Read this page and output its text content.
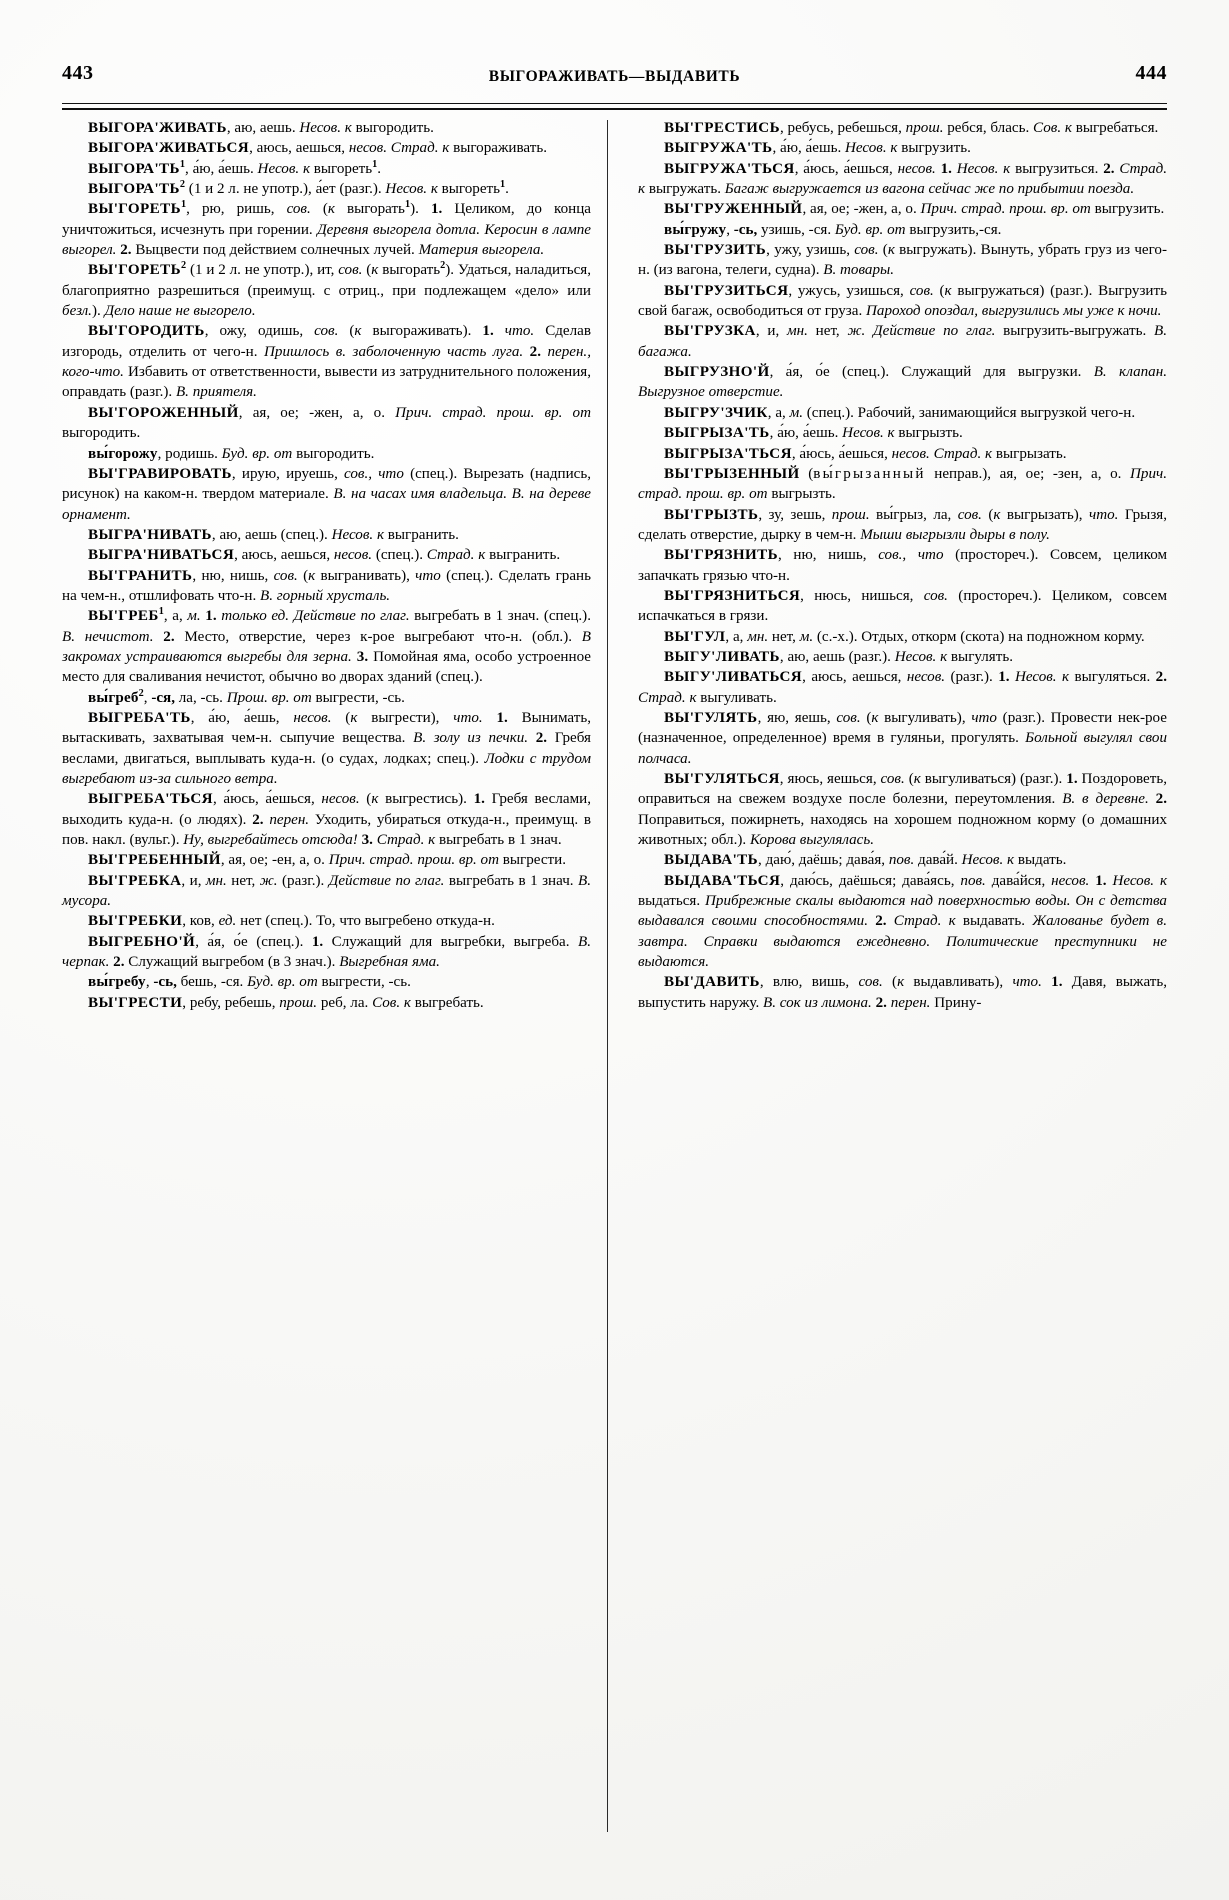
443	ВЫГОРАЖИВАТЬ—ВЫДАВИТЬ	444

ВЫГОРА'ЖИВАТЬ, аю, аешь. Несов. к выгородить.

ВЫГОРА'ЖИВАТЬСЯ, аюсь, аешься, несов. Страд. к выгораживать.

$ВЫГОРА'ТЬ^1$, а́ю, а́ешь. Несов. к выгореть$^1$.

$ВЫГОРА'ТЬ^2$ (1 и 2 л. не употр.), а́ет (разг.). Несов. к выгореть$^1$.

ВЫ'ГОРЕТЬ$^1$, рю, ришь, сов. (к выгорать$^1$). 1. Целиком, до конца уничтожиться, исчезнуть при горении. Деревня выгорела дотла. Керосин в лампе выгорел. 2. Выцвести под действием солнечных лучей. Материя выгорела.

ВЫ'ГОРЕТЬ$^2$ (1 и 2 л. не употр.), ит, сов. (к выгорать$^2$). Удаться, наладиться, благоприятно разрешиться (преимущ. с отриц., при подлежащем «дело» или безл.). Дело наше не выгорело.

ВЫ'ГОРОДИТЬ, ожу, одишь, сов. (к выгораживать). 1. что. Сделав изгородь, отделить от чего-н. Пришлось в. заболоченную часть луга. 2. перен., кого-что. Избавить от ответственности, вывести из затруднительного положения, оправдать (разг.). В. приятеля.

ВЫ'ГОРОЖЕННЫЙ, ая, ое; -жен, а, о. Прич. страд. прош. вр. от выгородить.

вы́горожу, родишь. Буд. вр. от выгородить.

ВЫ'ГРАВИРОВАТЬ, ирую, ируешь, сов., что (спец.). Вырезать (надпись, рисунок) на каком-н. твердом материале. В. на часах имя владельца. В. на дереве орнамент.

ВЫГРА'НИВАТЬ, аю, аешь (спец.). Несов. к выгранить.

ВЫГРА'НИВАТЬСЯ, аюсь, аешься, несов. (спец.). Страд. к выгранить.

ВЫ'ГРАНИТЬ, ню, нишь, сов. (к выгранивать), что (спец.). Сделать грань на чем-н., отшлифовать что-н. В. горный хрусталь.

ВЫ'ГРЕБ$^1$, а, м. 1. только ед. Действие по глаг. выгребать в 1 знач. (спец.). В. нечистот. 2. Место, отверстие, через к-рое выгребают что-н. (обл.). В закромах устраиваются выгребы для зерна. 3. Помойная яма, особо устроенное место для сваливания нечистот, обычно во дворах зданий (спец.).

вы́греб$^2$, -ся, ла, -сь. Прош. вр. от выгрести, -сь.

ВЫГРЕБА'ТЬ, а́ю, а́ешь, несов. (к выгрести), что. 1. Вынимать, вытаскивать, захватывая чем-н. сыпучие вещества. В. золу из печки. 2. Гребя веслами, двигаться, выплывать куда-н. (о судах, лодках; спец.). Лодки с трудом выгребают из-за сильного ветра.

ВЫГРЕБА'ТЬСЯ, а́юсь, а́ешься, несов. (к выгрестись). 1. Гребя веслами, выходить куда-н. (о людях). 2. перен. Уходить, убираться откуда-н., преимущ. в пов. накл. (вульг.). Ну, выгребайтесь отсюда! 3. Страд. к выгребать в 1 знач.

ВЫ'ГРЕБЕННЫЙ, ая, ое; -ен, а, о. Прич. страд. прош. вр. от выгрести.

ВЫ'ГРЕБКА, и, мн. нет, ж. (разг.). Действие по глаг. выгребать в 1 знач. В. мусора.

ВЫ'ГРЕБКИ, ков, ед. нет (спец.). То, что выгребено откуда-н.

ВЫГРЕБНО'Й, а́я, о́е (спец.). 1. Служащий для выгребки, выгреба. В. черпак. 2. Служащий выгребом (в 3 знач.). Выгребная яма.

вы́гребу, -сь, бешь, -ся. Буд. вр. от выгрести, -сь.

ВЫ'ГРЕСТИ, ребу, ребешь, прош. реб, ла. Сов. к выгребать.

ВЫ'ГРЕСТИСЬ, ребусь, ребешься, прош. ребся, блась. Сов. к выгребаться.

ВЫГРУЖА'ТЬ, а́ю, а́ешь. Несов. к выгрузить.

ВЫГРУЖА'ТЬСЯ, а́юсь, а́ешься, несов. 1. Несов. к выгрузиться. 2. Страд. к выгружать. Багаж выгружается из вагона сейчас же по прибытии поезда.

ВЫ'ГРУЖЕННЫЙ, ая, ое; -жен, а, о. Прич. страд. прош. вр. от выгрузить.

вы́гружу, -сь, узишь, -ся. Буд. вр. от выгрузить,-ся.

ВЫ'ГРУЗИТЬ, ужу, узишь, сов. (к выгружать). Вынуть, убрать груз из чего-н. (из вагона, телеги, судна). В. товары.

ВЫ'ГРУЗИТЬСЯ, ужусь, узишься, сов. (к выгружаться) (разг.). Выгрузить свой багаж, освободиться от груза. Пароход опоздал, выгрузились мы уже к ночи.

ВЫ'ГРУЗКА, и, мн. нет, ж. Действие по глаг. выгрузить-выгружать. В. багажа.

ВЫГРУЗНО'Й, а́я, о́е (спец.). Служащий для выгрузки. В. клапан. Выгрузное отверстие.

ВЫГРУ'ЗЧИК, а, м. (спец.). Рабочий, занимающийся выгрузкой чего-н.

ВЫГРЫЗА'ТЬ, а́ю, а́ешь. Несов. к выгрызть.

ВЫГРЫЗА'ТЬСЯ, а́юсь, а́ешься, несов. Страд. к выгрызать.

ВЫ'ГРЫЗЕННЫЙ (вы́грызанный неправ.), ая, ое; -зен, а, о. Прич. страд. прош. вр. от выгрызть.

ВЫ'ГРЫЗТЬ, зу, зешь, прош. вы́грыз, ла, сов. (к выгрызать), что. Грызя, сделать отверстие, дырку в чем-н. Мыши выгрызли дыры в полу.

ВЫ'ГРЯЗНИТЬ, ню, нишь, сов., что (простореч.). Совсем, целиком запачкать грязью что-н.

ВЫ'ГРЯЗНИТЬСЯ, нюсь, нишься, сов. (простореч.). Целиком, совсем испачкаться в грязи.

ВЫ'ГУЛ, а, мн. нет, м. (с.-х.). Отдых, откорм (скота) на подножном корму.

ВЫГУ'ЛИВАТЬ, аю, аешь (разг.). Несов. к выгулять.

ВЫГУ'ЛИВАТЬСЯ, аюсь, аешься, несов. (разг.). 1. Несов. к выгуляться. 2. Страд. к выгуливать.

ВЫ'ГУЛЯТЬ, яю, яешь, сов. (к выгуливать), что (разг.). Провести нек-рое (назначенное, определенное) время в гуляньи, прогулять. Больной выгулял свои полчаса.

ВЫ'ГУЛЯТЬСЯ, яюсь, яешься, сов. (к выгуливаться) (разг.). 1. Поздороветь, оправиться на свежем воздухе после болезни, переутомления. В. в деревне. 2. Поправиться, пожирнеть, находясь на хорошем подножном корму (о домашних животных; обл.). Корова выгулялась.

ВЫДАВА'ТЬ, даю́, даёшь; дава́я, пов. дава́й. Несов. к выдать.

ВЫДАВА'ТЬСЯ, даю́сь, даёшься; дава́ясь, пов. дава́йся, несов. 1. Несов. к выдаться. Прибрежные скалы выдаются над поверхностью воды. Он с детства выдавался своими способностями. 2. Страд. к выдавать. Жалованье будет в. завтра. Справки выдаются ежедневно. Политические преступники не выдаются.

ВЫ'ДАВИТЬ, влю, вишь, сов. (к выдавливать), что. 1. Давя, выжать, выпустить наружу. В. сок из лимона. 2. перен. Прину-
